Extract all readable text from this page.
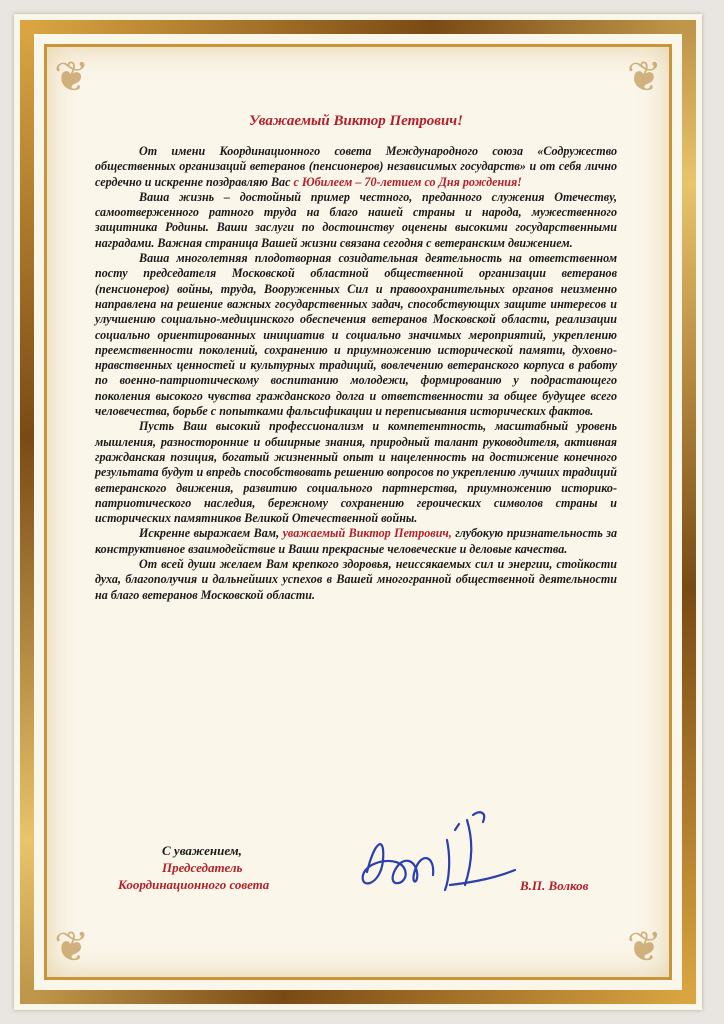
❦	❦
❦	❦
Уважаемый Виктор Петрович!

От имени Координационного совета Международного союза «Содружество общественных организаций ветеранов (пенсионеров) независимых государств» и от себя лично сердечно и искренне поздравляю Вас с Юбилеем – 70-летием со Дня рождения!

Ваша жизнь – достойный пример честного, преданного служения Отечеству, самоотверженного ратного труда на благо нашей страны и народа, мужественного защитника Родины. Ваши заслуги по достоинству оценены высокими государственными наградами. Важная страница Вашей жизни связана сегодня с ветеранским движением.

Ваша многолетняя плодотворная созидательная деятельность на ответственном посту председателя Московской областной общественной организации ветеранов (пенсионеров) войны, труда, Вооруженных Сил и правоохранительных органов неизменно направлена на решение важных государственных задач, способствующих защите интересов и улучшению социально-медицинского обеспечения ветеранов Московской области, реализации социально ориентированных инициатив и социально значимых мероприятий, укреплению преемственности поколений, сохранению и приумножению исторической памяти, духовно-нравственных ценностей и культурных традиций, вовлечению ветеранского корпуса в работу по военно-патриотическому воспитанию молодежи, формированию у подрастающего поколения высокого чувства гражданского долга и ответственности за общее будущее всего человечества, борьбе с попытками фальсификации и переписывания исторических фактов.

Пусть Ваш высокий профессионализм и компетентность, масштабный уровень мышления, разносторонние и обширные знания, природный талант руководителя, активная гражданская позиция, богатый жизненный опыт и нацеленность на достижение конечного результата будут и впредь способствовать решению вопросов по укреплению лучших традиций ветеранского движения, развитию социального партнерства, приумножению историко-патриотического наследия, бережному сохранению героических символов страны и исторических памятников Великой Отечественной войны.

Искренне выражаем Вам, уважаемый Виктор Петрович, глубокую признательность за конструктивное взаимодействие и Ваши прекрасные человеческие и деловые качества.

От всей души желаем Вам крепкого здоровья, неиссякаемых сил и энергии, стойкости духа, благополучия и дальнейших успехов в Вашей многогранной общественной деятельности на благо ветеранов Московской области.

С уважением,
Председатель
Координационного совета	В.П. Волков
